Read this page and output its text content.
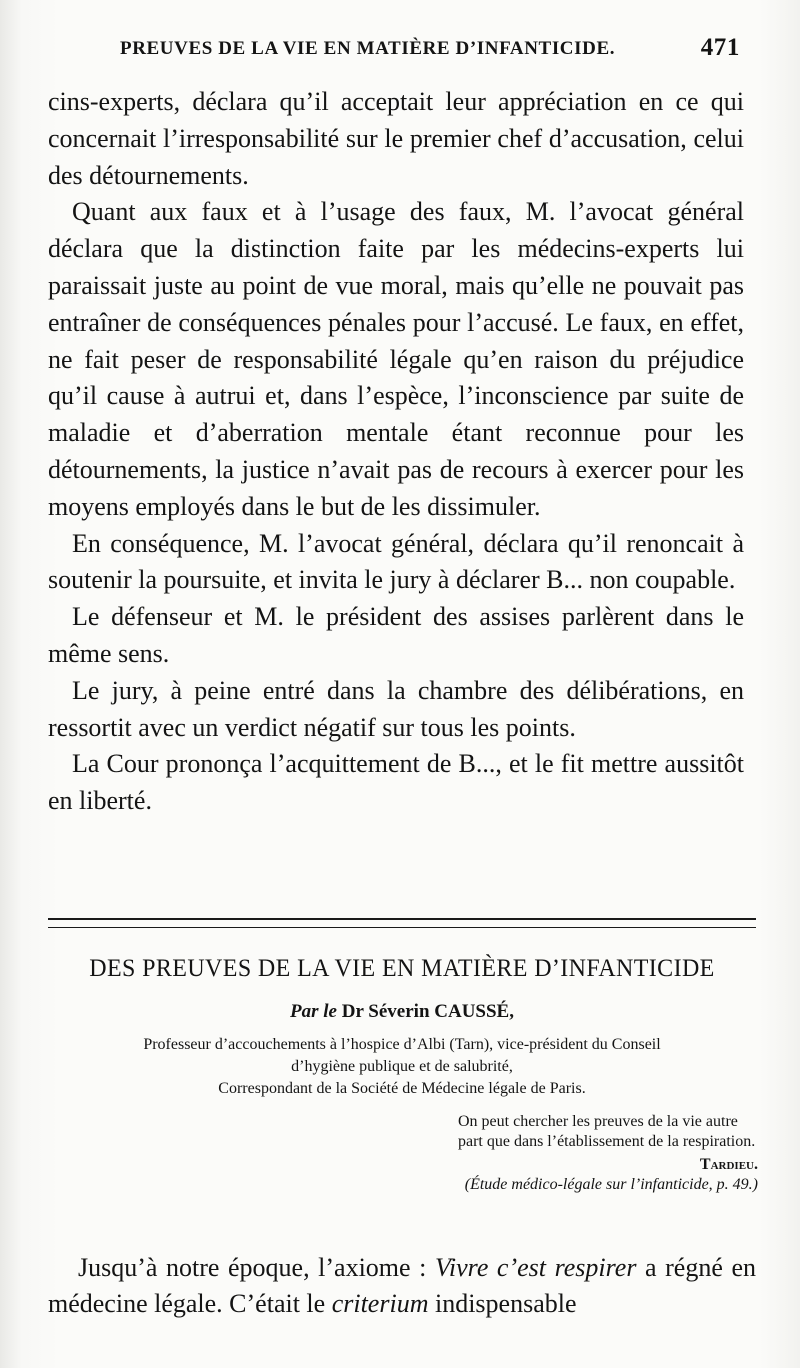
PREUVES DE LA VIE EN MATIÈRE D’INFANTICIDE.	471

cins-experts, déclara qu’il acceptait leur appréciation en ce qui concernait l’irresponsabilité sur le premier chef d’accusation, celui des détournements.

Quant aux faux et à l’usage des faux, M. l’avocat général déclara que la distinction faite par les médecins-experts lui paraissait juste au point de vue moral, mais qu’elle ne pouvait pas entraîner de conséquences pénales pour l’accusé. Le faux, en effet, ne fait peser de responsabilité légale qu’en raison du préjudice qu’il cause à autrui et, dans l’espèce, l’inconscience par suite de maladie et d’aberration mentale étant reconnue pour les détournements, la justice n’avait pas de recours à exercer pour les moyens employés dans le but de les dissimuler.

En conséquence, M. l’avocat général, déclara qu’il renoncait à soutenir la poursuite, et invita le jury à déclarer B... non coupable.

Le défenseur et M. le président des assises parlèrent dans le même sens.

Le jury, à peine entré dans la chambre des délibérations, en ressortit avec un verdict négatif sur tous les points.

La Cour prononça l’acquittement de B..., et le fit mettre aussitôt en liberté.

DES PREUVES DE LA VIE EN MATIÈRE D’INFANTICIDE
Par le Dr Séverin CAUSSÉ,
Professeur d’accouchements à l’hospice d’Albi (Tarn), vice-président du Conseil
d’hygiène publique et de salubrité,
Correspondant de la Société de Médecine légale de Paris.
On peut chercher les preuves de la vie autre part que dans l’établissement de la respiration.
Tardieu.
(Étude médico-légale sur l’infanticide, p. 49.)

Jusqu’à notre époque, l’axiome : Vivre c’est respirer a régné en médecine légale. C’était le criterium indispensable
